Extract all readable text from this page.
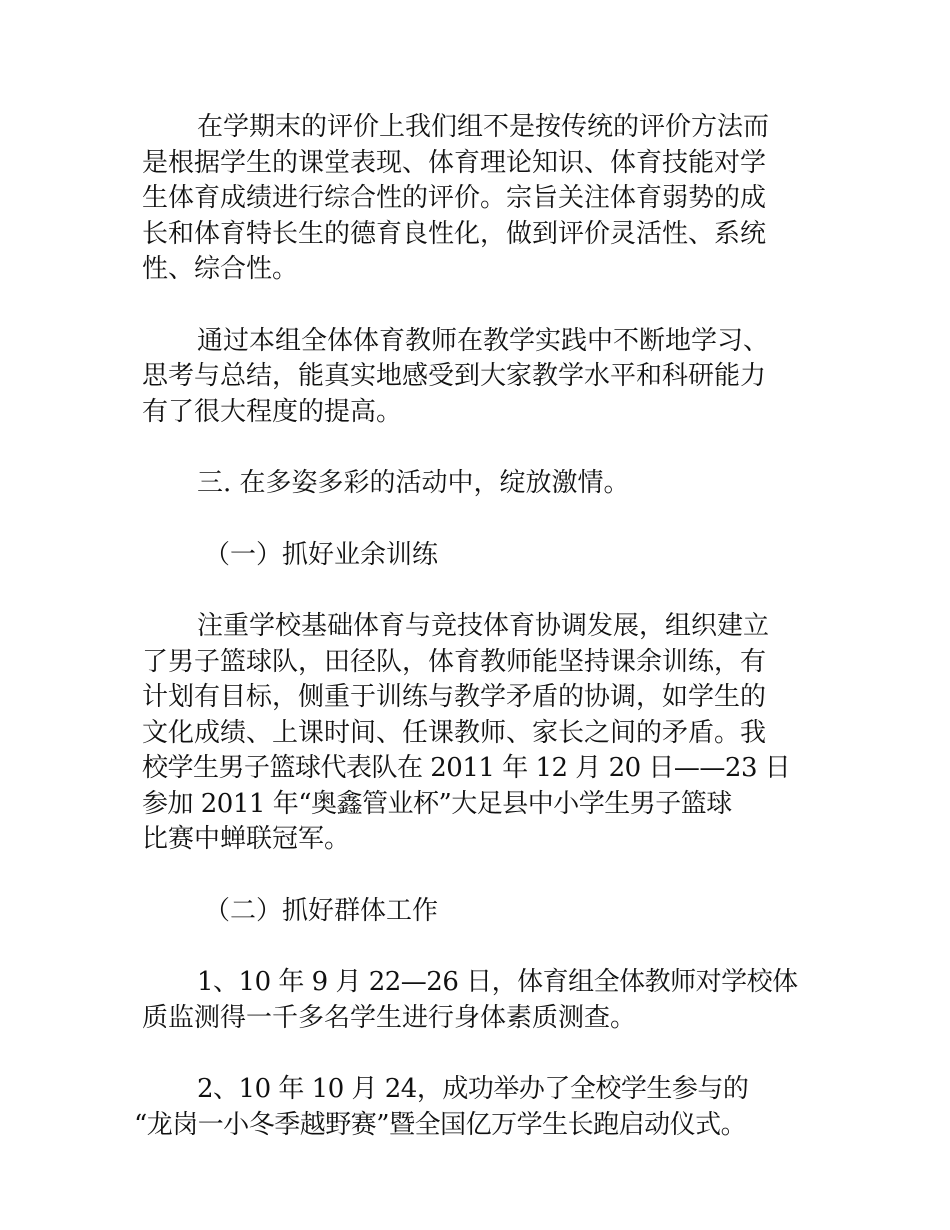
在学期末的评价上我们组不是按传统的评价方法而
是根据学生的课堂表现、体育理论知识、体育技能对学
生体育成绩进行综合性的评价。宗旨关注体育弱势的成
长和体育特长生的德育良性化，做到评价灵活性、系统
性、综合性。
通过本组全体体育教师在教学实践中不断地学习、
思考与总结，能真实地感受到大家教学水平和科研能力
有了很大程度的提高。
三. 在多姿多彩的活动中，绽放激情。
（一）抓好业余训练
注重学校基础体育与竞技体育协调发展，组织建立
了男子篮球队，田径队，体育教师能坚持课余训练，有
计划有目标，侧重于训练与教学矛盾的协调，如学生的
文化成绩、上课时间、任课教师、家长之间的矛盾。我
校学生男子篮球代表队在 2011 年 12 月 20 日——23 日
参加 2011 年“奥鑫管业杯”大足县中小学生男子篮球
比赛中蝉联冠军。
（二）抓好群体工作
1、10 年 9 月 22—26 日，体育组全体教师对学校体
质监测得一千多名学生进行身体素质测查。
2、10 年 10 月 24，成功举办了全校学生参与的
“龙岗一小冬季越野赛”暨全国亿万学生长跑启动仪式。
